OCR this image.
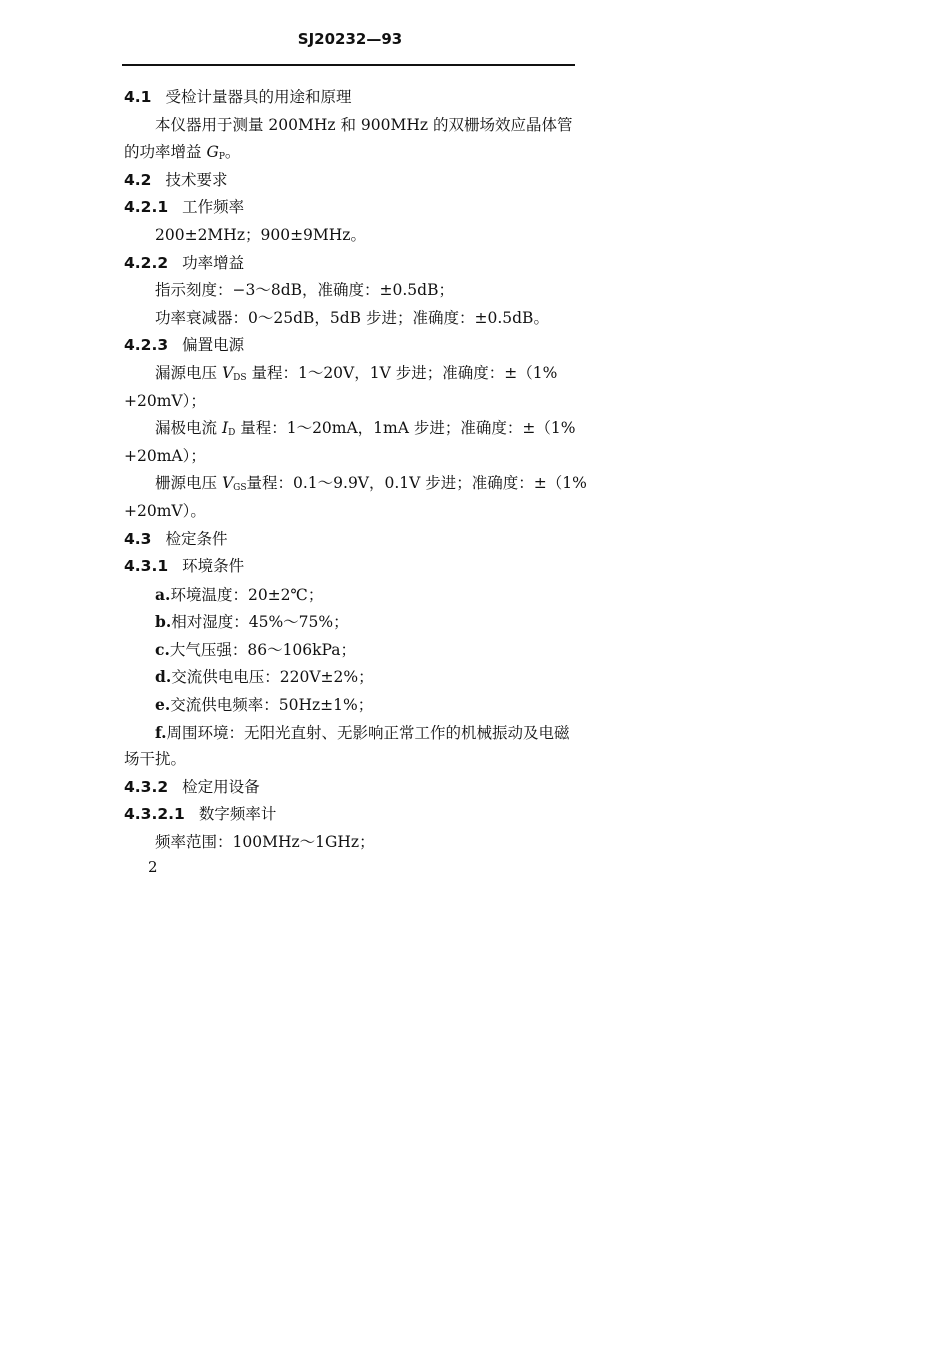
SJ20232—93
4.1 受检计量器具的用途和原理
本仪器用于测量 200MHz 和 900MHz 的双栅场效应晶体管
的功率增益 $G_P$。
4.2 技术要求
4.2.1 工作频率
200±2MHz；900±9MHz。
4.2.2 功率增益
指示刻度：−3～8dB，准确度：±0.5dB；
功率衰减器：0～25dB，5dB 步进；准确度：±0.5dB。
4.2.3 偏置电源
漏源电压 $V_{DS}$ 量程：1～20V，1V 步进；准确度：±（1%
+20mV）；
漏极电流 $I_D$ 量程：1～20mA，1mA 步进；准确度：±（1%
+20mA）；
栅源电压 $V_{GS}$量程：0.1～9.9V，0.1V 步进；准确度：±（1%
+20mV）。
4.3 检定条件
4.3.1 环境条件
a.环境温度：20±2℃；
b.相对湿度：45%～75%；
c.大气压强：86～106kPa；
d.交流供电电压：220V±2%；
e.交流供电频率：50Hz±1%；
f.周围环境：无阳光直射、无影响正常工作的机械振动及电磁
场干扰。
4.3.2 检定用设备
4.3.2.1 数字频率计
频率范围：100MHz～1GHz；
2
